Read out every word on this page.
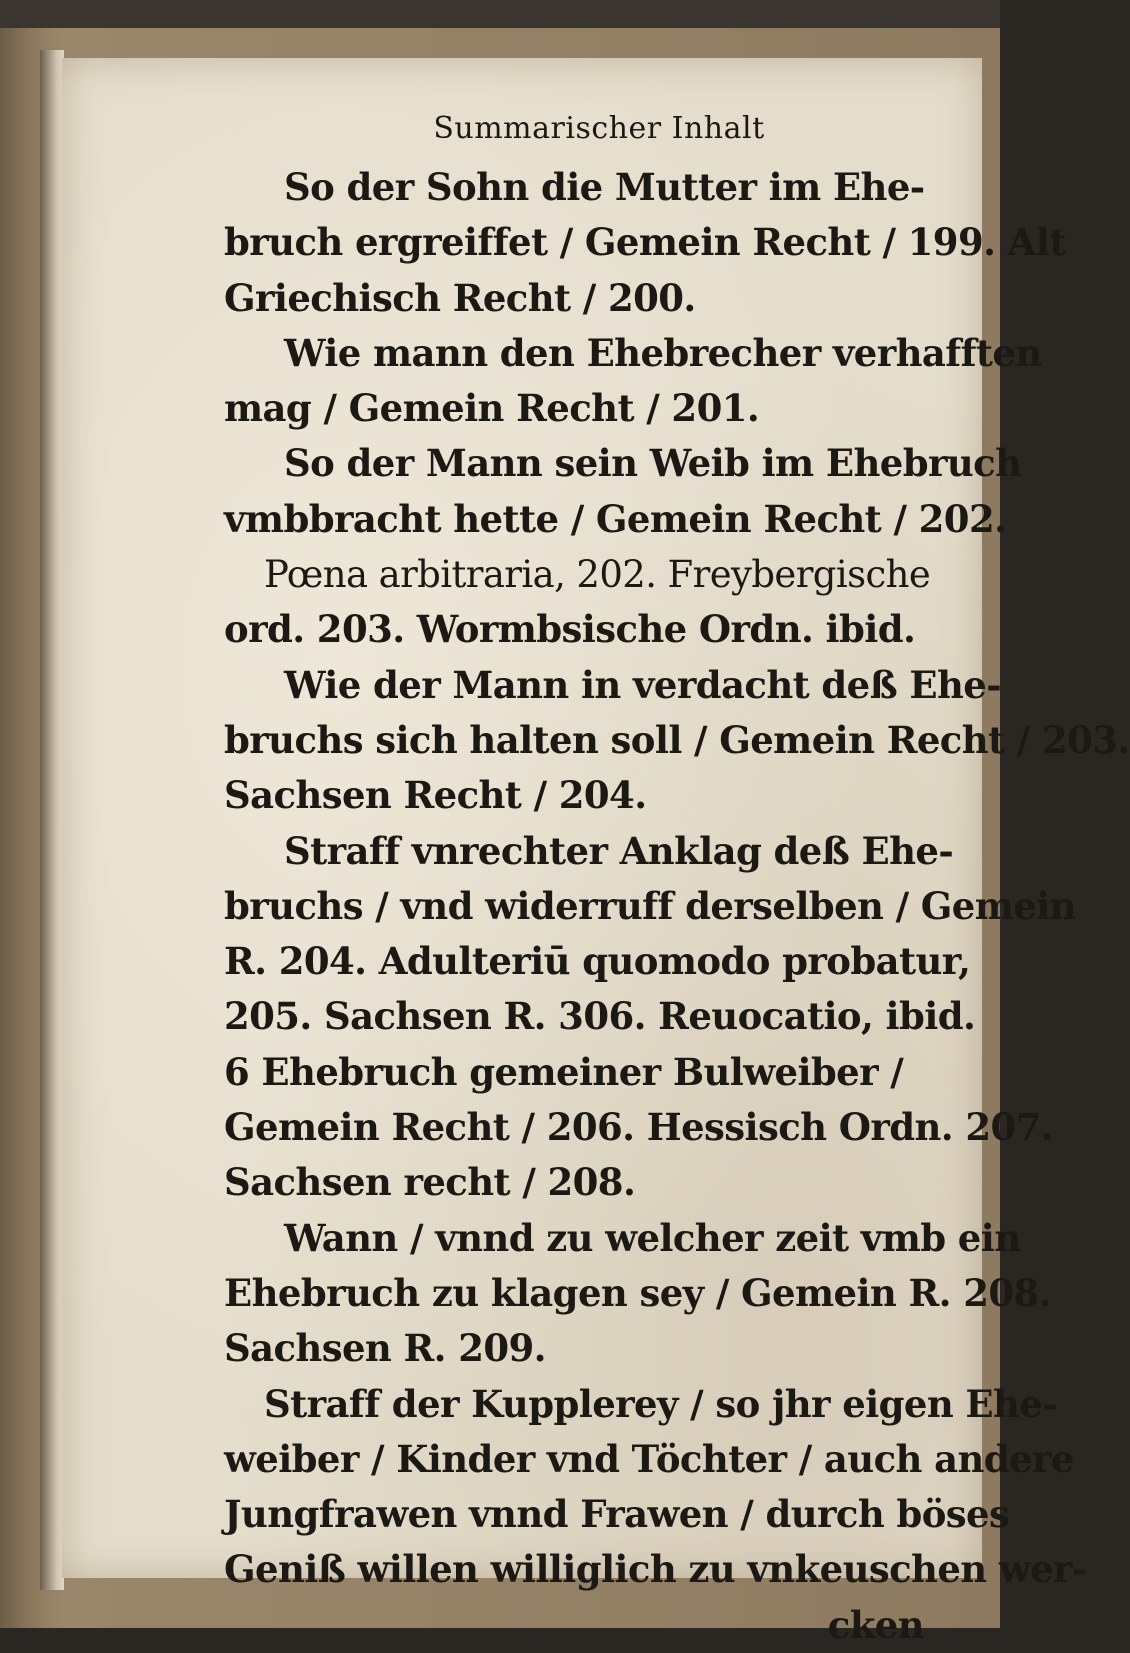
Summarischer Inhalt
So der Sohn die Mutter im Ehe-
bruch ergreiffet / Gemein Recht / 199. Alt
Griechisch Recht / 200.
Wie mann den Ehebrecher verhafften
mag / Gemein Recht / 201.
So der Mann sein Weib im Ehebruch
vmbbracht hette / Gemein Recht / 202.
Pœna arbitraria, 202. Freybergische
ord. 203. Wormbsische Ordn. ibid.
Wie der Mann in verdacht deß Ehe-
bruchs sich halten soll / Gemein Recht / 203.
Sachsen Recht / 204.
Straff vnrechter Anklag deß Ehe-
bruchs / vnd widerruff derselben / Gemein
R. 204. Adulteriū quomodo probatur,
205. Sachsen R. 306. Reuocatio, ibid.
6 Ehebruch gemeiner Bulweiber /
Gemein Recht / 206. Hessisch Ordn. 207.
Sachsen recht / 208.
Wann / vnnd zu welcher zeit vmb ein
Ehebruch zu klagen sey / Gemein R. 208.
Sachsen R. 209.
Straff der Kupplerey / so jhr eigen Ehe-
weiber / Kinder vnd Töchter / auch andere
Jungfrawen vnnd Frawen / durch böses
Geniß willen williglich zu vnkeuschen wer-
cken
